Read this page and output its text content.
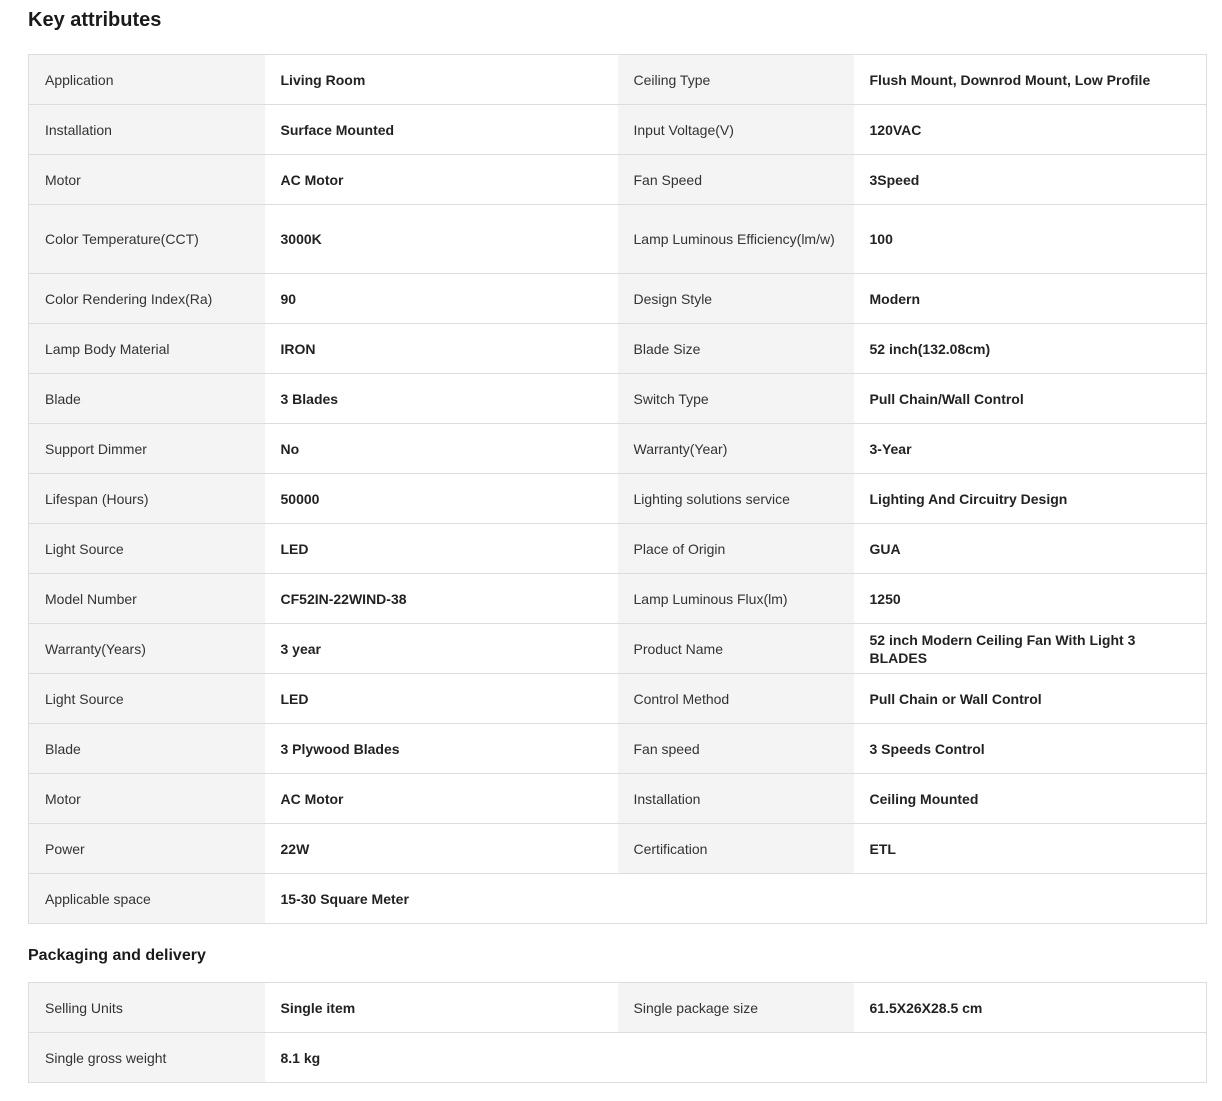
Key attributes
Application	Living Room	Ceiling Type	Flush Mount, Downrod Mount, Low Profile
Installation	Surface Mounted	Input Voltage(V)	120VAC
Motor	AC Motor	Fan Speed	3Speed
Color Temperature(CCT)	3000K	Lamp Luminous Efficiency(lm/w)	100
Color Rendering Index(Ra)	90	Design Style	Modern
Lamp Body Material	IRON	Blade Size	52 inch(132.08cm)
Blade	3 Blades	Switch Type	Pull Chain/Wall Control
Support Dimmer	No	Warranty(Year)	3-Year
Lifespan (Hours)	50000	Lighting solutions service	Lighting And Circuitry Design
Light Source	LED	Place of Origin	GUA
Model Number	CF52IN-22WIND-38	Lamp Luminous Flux(lm)	1250
Warranty(Years)	3 year	Product Name	52 inch Modern Ceiling Fan With Light 3 BLADES
Light Source	LED	Control Method	Pull Chain or Wall Control
Blade	3 Plywood Blades	Fan speed	3 Speeds Control
Motor	AC Motor	Installation	Ceiling Mounted
Power	22W	Certification	ETL
Applicable space	15-30 Square Meter		
Packaging and delivery
Selling Units	Single item	Single package size	61.5X26X28.5 cm
Single gross weight	8.1 kg		
